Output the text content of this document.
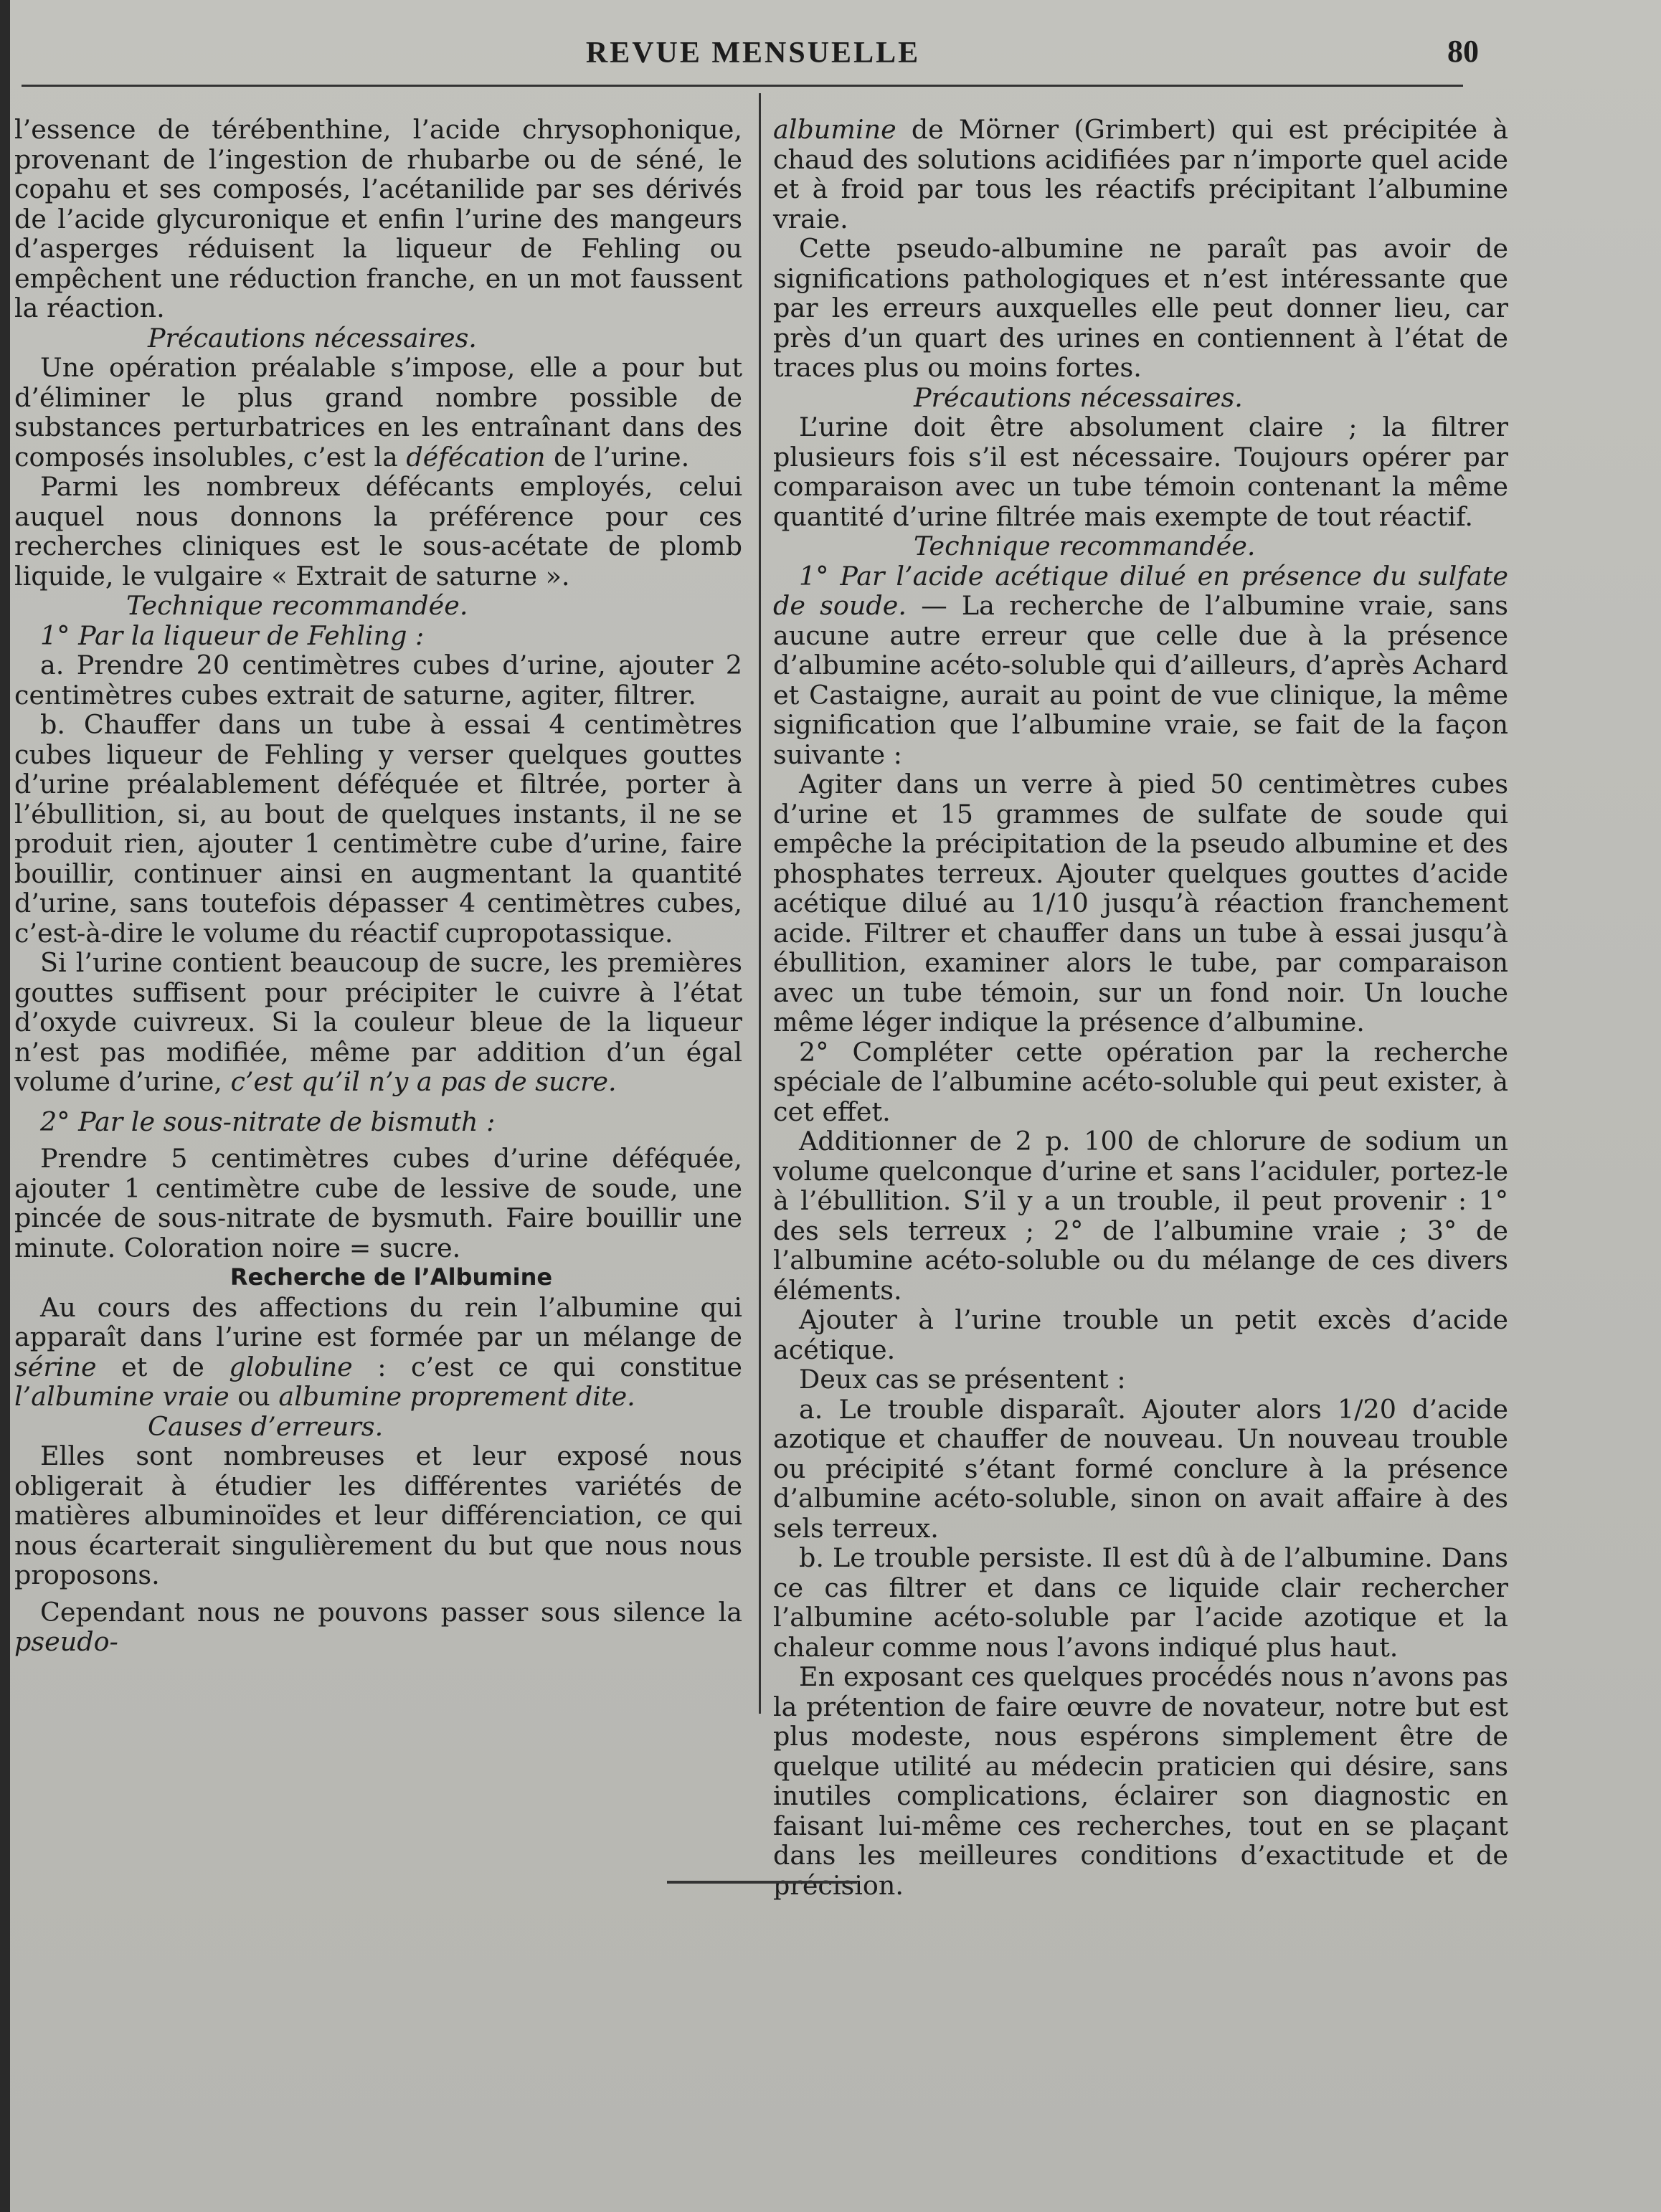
REVUE MENSUELLE	80

l’essence de térébenthine, l’acide chrysophonique, provenant de l’ingestion de rhubarbe ou de séné, le copahu et ses composés, l’acétanilide par ses dérivés de l’acide glycuronique et enfin l’urine des mangeurs d’asperges réduisent la liqueur de Fehling ou empêchent une réduction franche, en un mot faussent la réaction.

Précautions nécessaires.

Une opération préalable s’impose, elle a pour but d’éliminer le plus grand nombre possible de substances perturbatrices en les entraînant dans des composés insolubles, c’est la défécation de l’urine.

Parmi les nombreux défécants employés, celui auquel nous donnons la préférence pour ces recherches cliniques est le sous-acétate de plomb liquide, le vulgaire « Extrait de saturne ».

Technique recommandée.

1° Par la liqueur de Fehling :

a. Prendre 20 centimètres cubes d’urine, ajouter 2 centimètres cubes extrait de saturne, agiter, filtrer.

b. Chauffer dans un tube à essai 4 centimètres cubes liqueur de Fehling y verser quelques gouttes d’urine préalablement déféquée et filtrée, porter à l’ébullition, si, au bout de quelques instants, il ne se produit rien, ajouter 1 centimètre cube d’urine, faire bouillir, continuer ainsi en augmentant la quantité d’urine, sans toutefois dépasser 4 centimètres cubes, c’est-à-dire le volume du réactif cupropotassique.

Si l’urine contient beaucoup de sucre, les premières gouttes suffisent pour précipiter le cuivre à l’état d’oxyde cuivreux. Si la couleur bleue de la liqueur n’est pas modifiée, même par addition d’un égal volume d’urine, c’est qu’il n’y a pas de sucre.

2° Par le sous-nitrate de bismuth :

Prendre 5 centimètres cubes d’urine déféquée, ajouter 1 centimètre cube de lessive de soude, une pincée de sous-nitrate de bysmuth. Faire bouillir une minute. Coloration noire = sucre.

Recherche de l’Albumine

Au cours des affections du rein l’albumine qui apparaît dans l’urine est formée par un mélange de sérine et de globuline : c’est ce qui constitue l’albumine vraie ou albumine proprement dite.

Causes d’erreurs.

Elles sont nombreuses et leur exposé nous obligerait à étudier les différentes variétés de matières albuminoïdes et leur différenciation, ce qui nous écarterait singulièrement du but que nous nous proposons.

Cependant nous ne pouvons passer sous silence la pseudo-

albumine de Mörner (Grimbert) qui est précipitée à chaud des solutions acidifiées par n’importe quel acide et à froid par tous les réactifs précipitant l’albumine vraie.

Cette pseudo-albumine ne paraît pas avoir de significations pathologiques et n’est intéressante que par les erreurs auxquelles elle peut donner lieu, car près d’un quart des urines en contiennent à l’état de traces plus ou moins fortes.

Précautions nécessaires.

L’urine doit être absolument claire ; la filtrer plusieurs fois s’il est nécessaire. Toujours opérer par comparaison avec un tube témoin contenant la même quantité d’urine filtrée mais exempte de tout réactif.

Technique recommandée.

1° Par l’acide acétique dilué en présence du sulfate de soude. — La recherche de l’albumine vraie, sans aucune autre erreur que celle due à la présence d’albumine acéto-soluble qui d’ailleurs, d’après Achard et Castaigne, aurait au point de vue clinique, la même signification que l’albumine vraie, se fait de la façon suivante :

Agiter dans un verre à pied 50 centimètres cubes d’urine et 15 grammes de sulfate de soude qui empêche la précipitation de la pseudo albumine et des phosphates terreux. Ajouter quelques gouttes d’acide acétique dilué au 1/10 jusqu’à réaction franchement acide. Filtrer et chauffer dans un tube à essai jusqu’à ébullition, examiner alors le tube, par comparaison avec un tube témoin, sur un fond noir. Un louche même léger indique la présence d’albumine.

2° Compléter cette opération par la recherche spéciale de l’albumine acéto-soluble qui peut exister, à cet effet.

Additionner de 2 p. 100 de chlorure de sodium un volume quelconque d’urine et sans l’aciduler, portez-le à l’ébullition. S’il y a un trouble, il peut provenir : 1° des sels terreux ; 2° de l’albumine vraie ; 3° de l’albumine acéto-soluble ou du mélange de ces divers éléments.

Ajouter à l’urine trouble un petit excès d’acide acétique.

Deux cas se présentent :

a. Le trouble disparaît. Ajouter alors 1/20 d’acide azotique et chauffer de nouveau. Un nouveau trouble ou précipité s’étant formé conclure à la présence d’albumine acéto-soluble, sinon on avait affaire à des sels terreux.

b. Le trouble persiste. Il est dû à de l’albumine. Dans ce cas filtrer et dans ce liquide clair rechercher l’albumine acéto-soluble par l’acide azotique et la chaleur comme nous l’avons indiqué plus haut.

En exposant ces quelques procédés nous n’avons pas la prétention de faire œuvre de novateur, notre but est plus modeste, nous espérons simplement être de quelque utilité au médecin praticien qui désire, sans inutiles complications, éclairer son diagnostic en faisant lui-même ces recherches, tout en se plaçant dans les meilleures conditions d’exactitude et de précision.
